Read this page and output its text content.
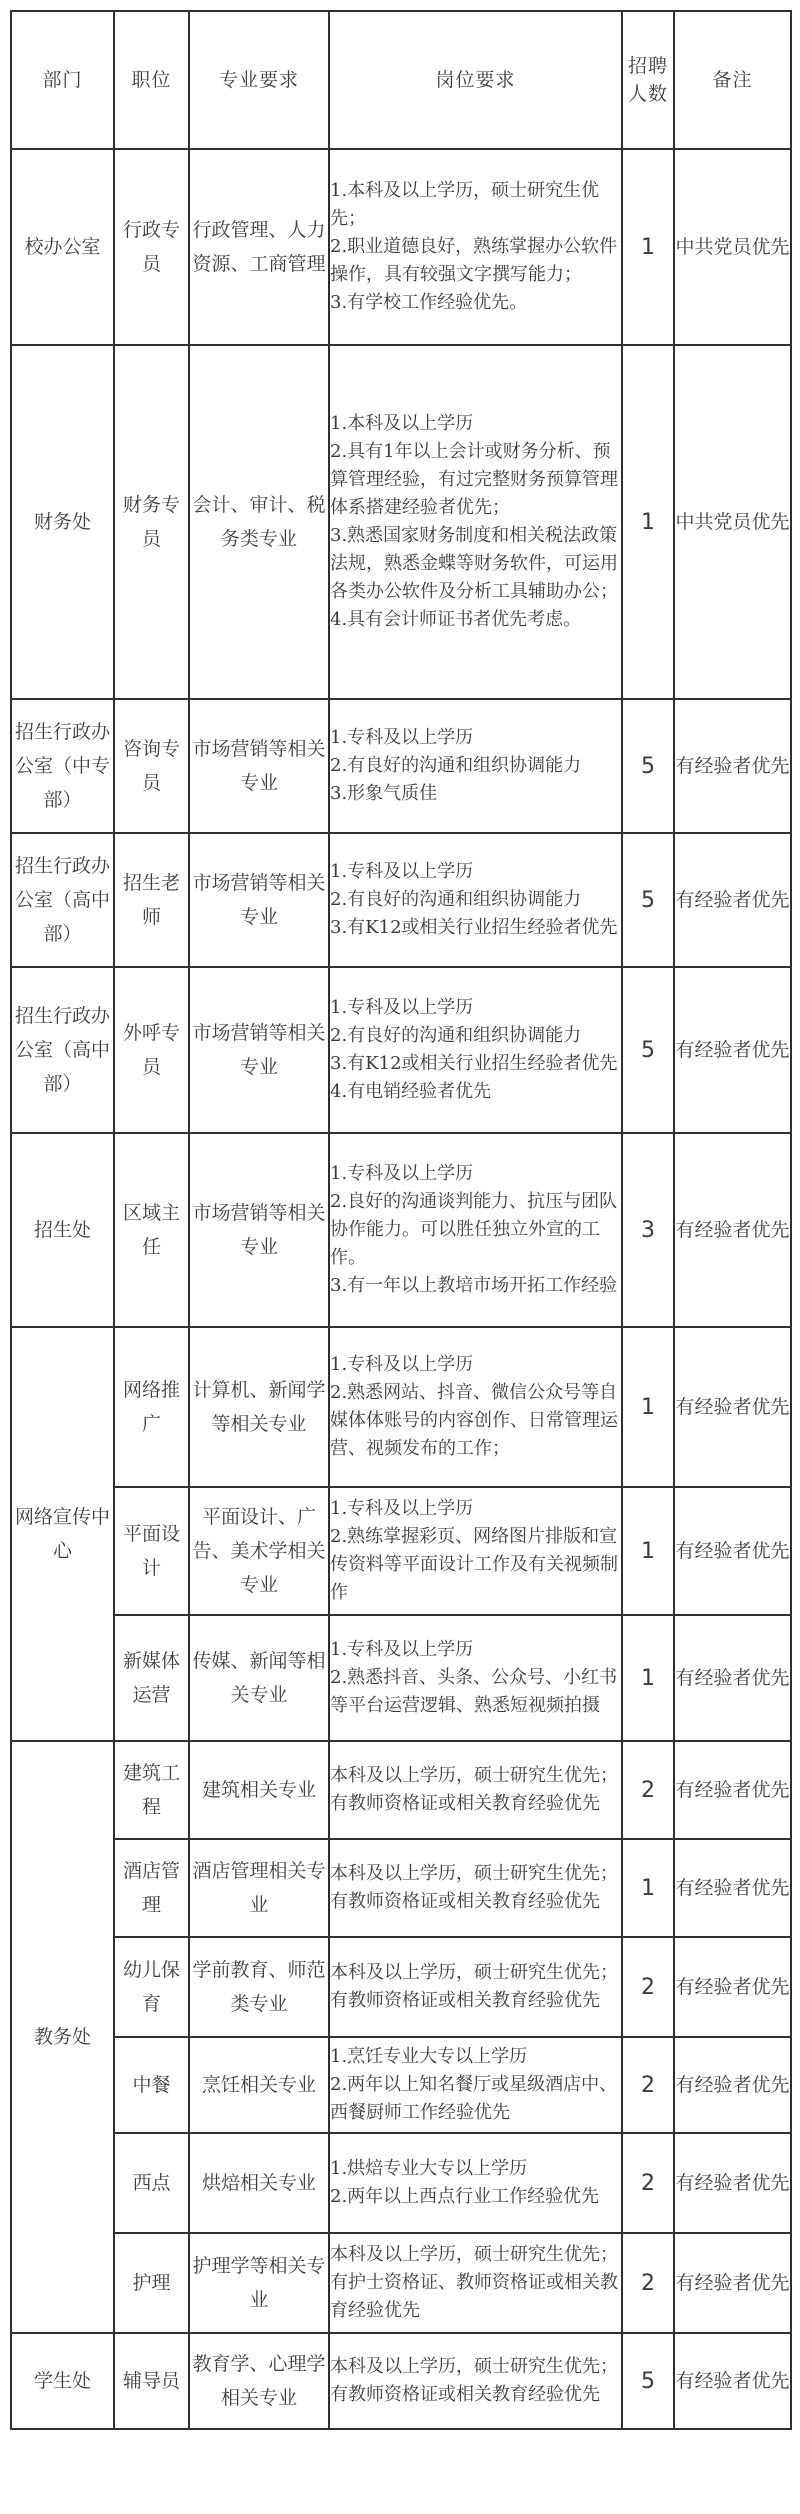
部门	职位	专业要求	岗位要求	招聘人数	备注
校办公室	行政专员	行政管理、人力资源、工商管理	1.本科及以上学历，硕士研究生优先；
2.职业道德良好，熟练掌握办公软件操作，具有较强文字撰写能力；
3.有学校工作经验优先。	1	中共党员优先
财务处	财务专员	会计、审计、税务类专业	1.本科及以上学历
2.具有1年以上会计或财务分析、预算管理经验，有过完整财务预算管理体系搭建经验者优先；
3.熟悉国家财务制度和相关税法政策法规，熟悉金蝶等财务软件，可运用各类办公软件及分析工具辅助办公；
4.具有会计师证书者优先考虑。	1	中共党员优先
招生行政办公室（中专部）	咨询专员	市场营销等相关专业	1.专科及以上学历
2.有良好的沟通和组织协调能力
3.形象气质佳	5	有经验者优先
招生行政办公室（高中部）	招生老师	市场营销等相关专业	1.专科及以上学历
2.有良好的沟通和组织协调能力
3.有K12或相关行业招生经验者优先	5	有经验者优先
招生行政办公室（高中部）	外呼专员	市场营销等相关专业	1.专科及以上学历
2.有良好的沟通和组织协调能力
3.有K12或相关行业招生经验者优先
4.有电销经验者优先	5	有经验者优先
招生处	区域主任	市场营销等相关专业	1.专科及以上学历
2.良好的沟通谈判能力、抗压与团队协作能力。可以胜任独立外宣的工作。
3.有一年以上教培市场开拓工作经验	3	有经验者优先
网络宣传中心	网络推广	计算机、新闻学等相关专业	1.专科及以上学历
2.熟悉网站、抖音、微信公众号等自媒体体账号的内容创作、日常管理运营、视频发布的工作；	1	有经验者优先
	平面设计	平面设计、广告、美术学相关专业	1.专科及以上学历
2.熟练掌握彩页、网络图片排版和宣传资料等平面设计工作及有关视频制作	1	有经验者优先
	新媒体运营	传媒、新闻等相关专业	1.专科及以上学历
2.熟悉抖音、头条、公众号、小红书等平台运营逻辑、熟悉短视频拍摄	1	有经验者优先
教务处	建筑工程	建筑相关专业	本科及以上学历，硕士研究生优先；有教师资格证或相关教育经验优先	2	有经验者优先
	酒店管理	酒店管理相关专业	本科及以上学历，硕士研究生优先；有教师资格证或相关教育经验优先	1	有经验者优先
	幼儿保育	学前教育、师范类专业	本科及以上学历，硕士研究生优先；有教师资格证或相关教育经验优先	2	有经验者优先
	中餐	烹饪相关专业	1.烹饪专业大专以上学历
2.两年以上知名餐厅或星级酒店中、西餐厨师工作经验优先	2	有经验者优先
	西点	烘焙相关专业	1.烘焙专业大专以上学历
2.两年以上西点行业工作经验优先	2	有经验者优先
	护理	护理学等相关专业	本科及以上学历，硕士研究生优先；有护士资格证、教师资格证或相关教育经验优先	2	有经验者优先
学生处	辅导员	教育学、心理学相关专业	本科及以上学历，硕士研究生优先；有教师资格证或相关教育经验优先	5	有经验者优先
